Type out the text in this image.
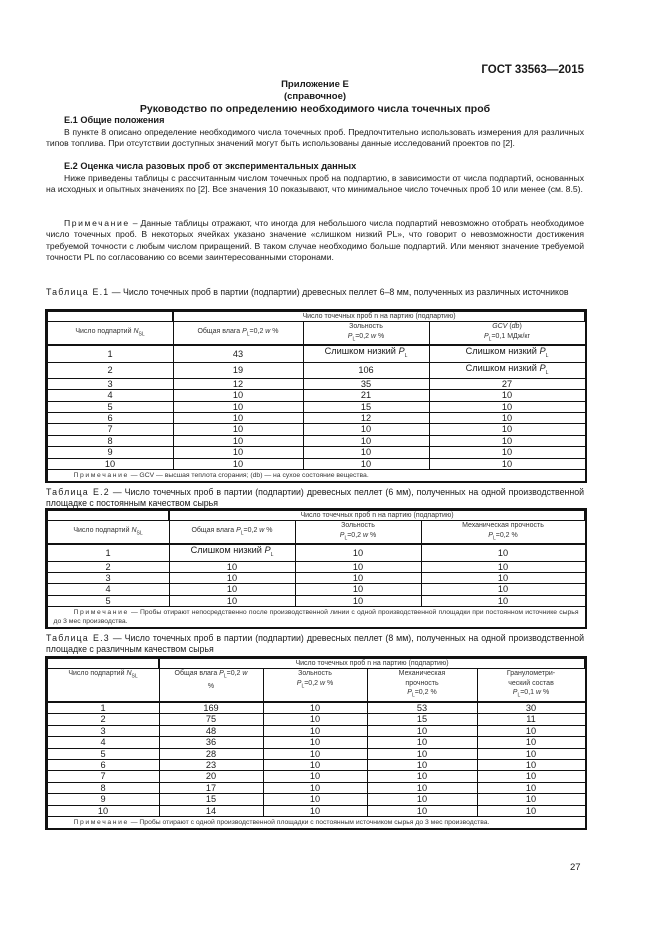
ГОСТ 33563—2015
Приложение Е
(справочное)
Руководство по определению необходимого числа точечных проб
Е.1 Общие положения
В пункте 8 описано определение необходимого числа точечных проб. Предпочтительно использовать измерения для различных типов топлива. При отсутствии доступных значений могут быть использованы данные исследований проектов по [2].
Е.2 Оценка числа разовых проб от экспериментальных данных
Ниже приведены таблицы с рассчитанным числом точечных проб на подпартию, в зависимости от числа подпартий, основанных на исходных и опытных значениях по [2]. Все значения 10 показывают, что минимальное число точечных проб 10 или менее (см. 8.5).
Примечание – Данные таблицы отражают, что иногда для небольшого числа подпартий невозможно отобрать необходимое число точечных проб. В некоторых ячейках указано значение «слишком низкий PL», что говорит о невозможности достижения требуемой точности с любым числом приращений. В таком случае необходимо больше подпартий. Или меняют значение требуемой точности PL по согласованию со всеми заинтересованными сторонами.
Таблица Е.1 — Число точечных проб в партии (подпартии) древесных пеллет 6–8 мм, полученных из различных источников
	Число точечных проб n на партию (подпартию)		
Число подпартий $N_{SL}$	Общая влага $P_L=0,2$ w %	Зольность
$P_L=0,2$ w %	GCV (db)
$P_L=0,1$ МДж/кг
1	43	Слишком низкий $P_L$	Слишком низкий $P_L$
2	19	106	Слишком низкий $P_L$
3	12	35	27
4	10	21	10
5	10	15	10
6	10	12	10
7	10	10	10
8	10	10	10
9	10	10	10
10	10	10	10
Примечание — GCV — высшая теплота сгорания; (db) — на сухое состояние вещества.			
Таблица Е.2 — Число точечных проб в партии (подпартии) древесных пеллет (6 мм), полученных на одной производственной площадке с постоянным качеством сырья
	Число точечных проб n на партию (подпартию)		
Число подпартий $N_{SL}$	Общая влага $P_L=0,2$ w %	Зольность
$P_L=0,2$ w %	Механическая прочность
$P_L=0,2$ %
1	Слишком низкий $P_L$	10	10
2	10	10	10
3	10	10	10
4	10	10	10
5	10	10	10
Примечание — Пробы отирают непосредственно после производственной линии с одной производственной площадки при постоянном источнике сырья до 3 мес производства.			
Таблица Е.3 — Число точечных проб в партии (подпартии) древесных пеллет (8 мм), полученных на одной производственной площадке с различным качеством сырья
	Число точечных проб n на партию (подпартию)			
Число подпартий $N_{SL}$	Общая влага $P_L=0,2$ w
%	Зольность
$P_L=0,2$ w %	Механическая
прочность
$P_L=0,2$ %	Гранулометри-
ческий состав
$P_L=0,1$ w %
1	169	10	53	30
2	75	10	15	11
3	48	10	10	10
4	36	10	10	10
5	28	10	10	10
6	23	10	10	10
7	20	10	10	10
8	17	10	10	10
9	15	10	10	10
10	14	10	10	10
Примечание — Пробы отирают с одной производственной площадки с постоянным источником сырья до 3 мес производства.				
27
